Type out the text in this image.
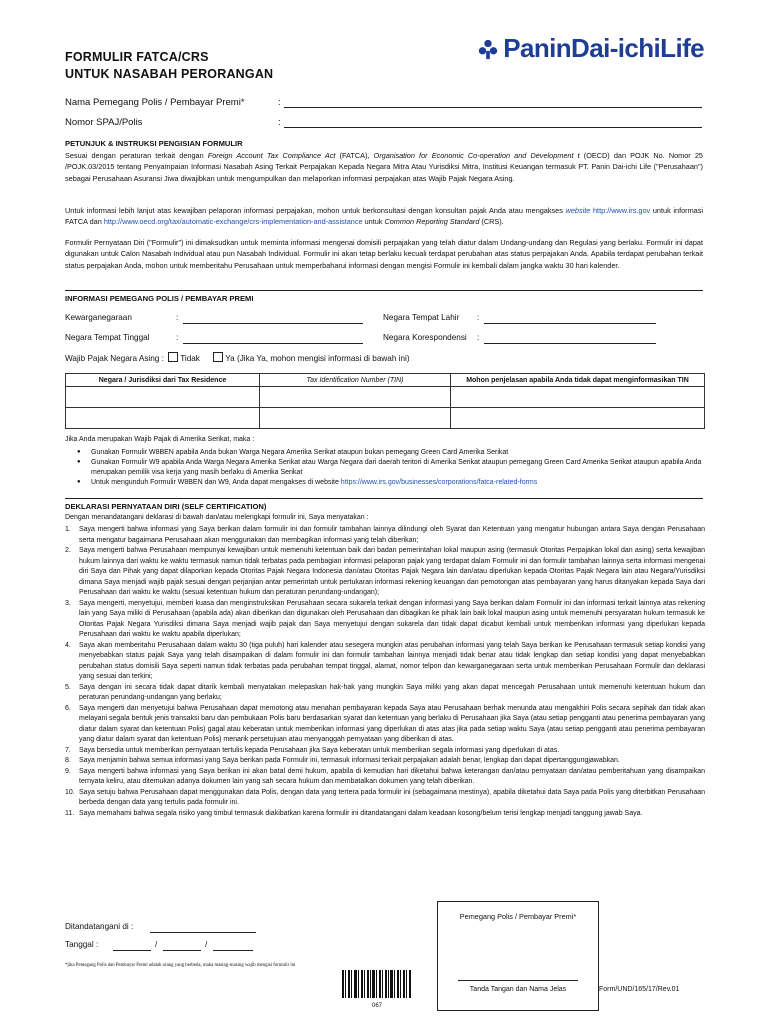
FORMULIR FATCA/CRS
UNTUK NASABAH PERORANGAN
PaninDai-ichiLife
Nama Pemegang Polis / Pembayar Premi*	:
Nomor SPAJ/Polis	:
PETUNJUK & INSTRUKSI PENGISIAN FORMULIR
Sesuai dengan peraturan terkait dengan Foreign Account Tax Compliance Act (FATCA), Organisation for Economic Co-operation and Development t (OECD) dan POJK No. Nomor 25 /POJK.03/2015 tentang Penyampaian Informasi Nasabah Asing Terkait Perpajakan Kepada Negara Mitra Atau Yurisdiksi Mitra, Institusi Keuangan termasuk PT. Panin Dai-ichi Life ("Perusahaan") sebagai Perusahaan Asuransi Jiwa diwajibkan untuk mengumpulkan dan melaporkan informasi perpajakan atas Wajib Pajak Negara Asing.
Untuk informasi lebih lanjut atas kewajiban pelaporan informasi perpajakan, mohon untuk berkonsultasi dengan konsultan pajak Anda atau mengakses website http://www.irs.gov untuk informasi FATCA dan http://www.oecd.org/tax/automatic-exchange/crs-implementation-and-assistance untuk Common Reporting Standard (CRS).
Formulir Pernyataan Diri ("Formulir") ini dimaksudkan untuk meminta informasi mengenai domisili perpajakan yang telah diatur dalam Undang-undang dan Regulasi yang berlaku. Formulir ini dapat digunakan untuk Calon Nasabah Individual atau pun Nasabah Individual. Formulir ini akan tetap berlaku kecuali terdapat perubahan atas status perpajakan Anda. Apabila terdapat perubahan terkait status perpajakan Anda, mohon untuk memberitahu Perusahaan untuk memperbaharui informasi dengan mengisi Formulir ini kembali dalam jangka waktu 30 hari kalender.
INFORMASI PEMEGANG POLIS / PEMBAYAR PREMI
Kewarganegaraan	:	Negara Tempat Lahir :
Negara Tempat Tinggal	:	Negara Korespondensi :
Wajib Pajak Negara Asing : Tidak	Ya (Jika Ya, mohon mengisi informasi di bawah ini)
Negara / Jurisdiksi dari Tax Residence	Tax Identification Number (TIN)	Mohon penjelasan apabila Anda tidak dapat menginformasikan TIN

Jika Anda merupakan Wajib Pajak di Amerika Serikat, maka :
● Gunakan Formulir W8BEN apabila Anda bukan Warga Negara Amerika Serikat ataupun bukan pemegang Green Card Amerika Serikat
● Gunakan Formulir W9 apabila Anda Warga Negara Amerika Serikat atau Warga Negara dari daerah teritori di Amerika Serikat ataupun pemegang Green Card Amerika Serikat ataupun apabila Anda merupakan pemilik visa kerja yang masih berlaku di Amerika Serikat
● Untuk mengunduh Formulir W8BEN dan W9, Anda dapat mengakses di website https://www.irs.gov/businesses/corporations/fatca-related-forms
DEKLARASI PERNYATAAN DIRI (SELF CERTIFICATION)
Dengan menandatangani deklarasi di bawah dan/atau melengkapi formulir ini, Saya menyatakan :
1. Saya mengerti bahwa informasi yang Saya berikan dalam formulir ini dan formulir tambahan lainnya dilindungi oleh Syarat dan Ketentuan yang mengatur hubungan antara Saya dengan Perusahaan serta mengatur bagaimana Perusahaan akan menggunakan dan membagikan informasi yang telah diberikan;
2. Saya mengerti bahwa Perusahaan mempunyai kewajiban untuk memenuhi ketentuan baik dari badan pemerintahan lokal maupun asing (termasuk Otoritas Perpajakan lokal dan asing) serta kewajiban hukum lainnya dari waktu ke waktu termasuk namun tidak terbatas pada pembagian informasi pelaporan pajak yang terdapat dalam Formulir ini dan formulir tambahan lainnya serta informasi mengenai diri Saya dan Pihak yang dapat dilaporkan kepada Otoritas Pajak Negara Indonesia dan/atau Otoritas Pajak Negara lain dan/atau diperlukan kepada Otoritas Pajak Negara lain atau Negara/Yurisdiksi dimana Saya menjadi wajib pajak sesuai dengan perjanjian antar pemerintah untuk pertukaran informasi rekening keuangan dan pemotongan atas pembayaran yang harus ditanyakan kepada Saya dari Perusahaan dari waktu ke waktu (sesuai ketentuan hukum dan peraturan perundang-undangan);
3. Saya mengerti, menyetujui, memberi kuasa dan menginstruksikan Perusahaan secara sukarela terkait dengan informasi yang Saya berikan dalam Formulir ini dan informasi terkait lainnya atas rekening lain yang Saya miliki di Perusahaan (apabila ada) akan diberikan dan digunakan oleh Perusahaan dan dibagikan ke pihak lain baik lokal maupun asing untuk memenuhi persyaratan hukum termasuk ke Otoritas Pajak Negara Yurisdiksi dimana Saya menjadi wajib pajak dan Saya menyetujui dengan sukarela dan tidak dapat dicabut kembali untuk memberikan informasi yang diperlukan kepada Perusahaan dari waktu ke waktu apabila diperlukan;
4. Saya akan memberitahu Perusahaan dalam waktu 30 (tiga puluh) hari kalender atau sesegera mungkin atas perubahan informasi yang telah Saya berikan ke Perusahaan termasuk setiap kondisi yang menyebabkan status pajak Saya yang telah disampaikan di dalam formulir ini dan formulir tambahan lainnya menjadi tidak benar atau tidak lengkap dan setiap kondisi yang dapat menyebabkan perubahan status domisili Saya seperti namun tidak terbatas pada perubahan tempat tinggal, alamat, nomor telpon dan kewarganegaraan serta untuk memberikan Perusahaan Formulir dan deklarasi yang sesuai dan terkini;
5. Saya dengan ini secara tidak dapat ditarik kembali menyatakan melepaskan hak-hak yang mungkin Saya miliki yang akan dapat mencegah Perusahaan untuk memenuhi ketentuan hukum dan peraturan perundang-undangan yang berlaku;
6. Saya mengerti dan menyetujui bahwa Perusahaan dapat memotong atau menahan pembayaran kepada Saya atau Perusahaan berhak menunda atau mengakhiri Polis secara sepihak dan tidak akan melayani segala bentuk jenis transaksi baru dan pembukaan Polis baru berdasarkan syarat dan ketentuan yang berlaku di Perusahaan jika Saya (atau setiap pengganti atau penerima pembayaran yang diatur dalam syarat dan ketentuan Polis) gagal atau keberatan untuk memberikan informasi yang diperlukan di atas atas jika pada setiap waktu Saya (atau setiap pengganti atau penerima pembayaran yang diatur dalam syarat dan ketentuan Polis) menarik persetujuan atau menyanggah pernyataan yang diberikan di atas.
7. Saya bersedia untuk memberikan pernyataan tertulis kepada Perusahaan jika Saya keberatan untuk memberikan segala informasi yang diperlukan di atas.
8. Saya menjamin bahwa semua informasi yang Saya berikan pada Formulir ini, termasuk informasi terkait perpajakan adalah benar, lengkap dan dapat dipertanggungjawabkan.
9. Saya mengerti bahwa informasi yang Saya berikan ini akan batal demi hukum, apabila di kemudian hari diketahui bahwa keterangan dan/atau pernyataan dan/atau pemberitahuan yang disampaikan ternyata keliru, atau ditemukan adanya dokumen lain yang sah secara hukum dan membatalkan dokumen yang telah diberikan.
10. Saya setuju bahwa Perusahaan dapat menggunakan data Polis, dengan data yang tertera pada formulir ini (sebagaimana mestinya), apabila diketahui data Saya pada Polis yang diterbitkan Perusahaan berbeda dengan data yang tertulis pada formulir ini.
11. Saya memahami bahwa segala risiko yang timbul termasuk diakibatkan karena formulir ini ditandatangani dalam keadaan kosong/belum terisi lengkap menjadi tanggung jawab Saya.
Ditandatangani di :
Tanggal :	/	/
*jika Pemegang Polis dan Pembayar Premi adalah orang yang berbeda, maka masing-masing wajib mengisi formulir ini
067
Pemegang Polis / Pembayar Premi*
Tanda Tangan dan Nama Jelas	Form/UND/165/17/Rev.01
